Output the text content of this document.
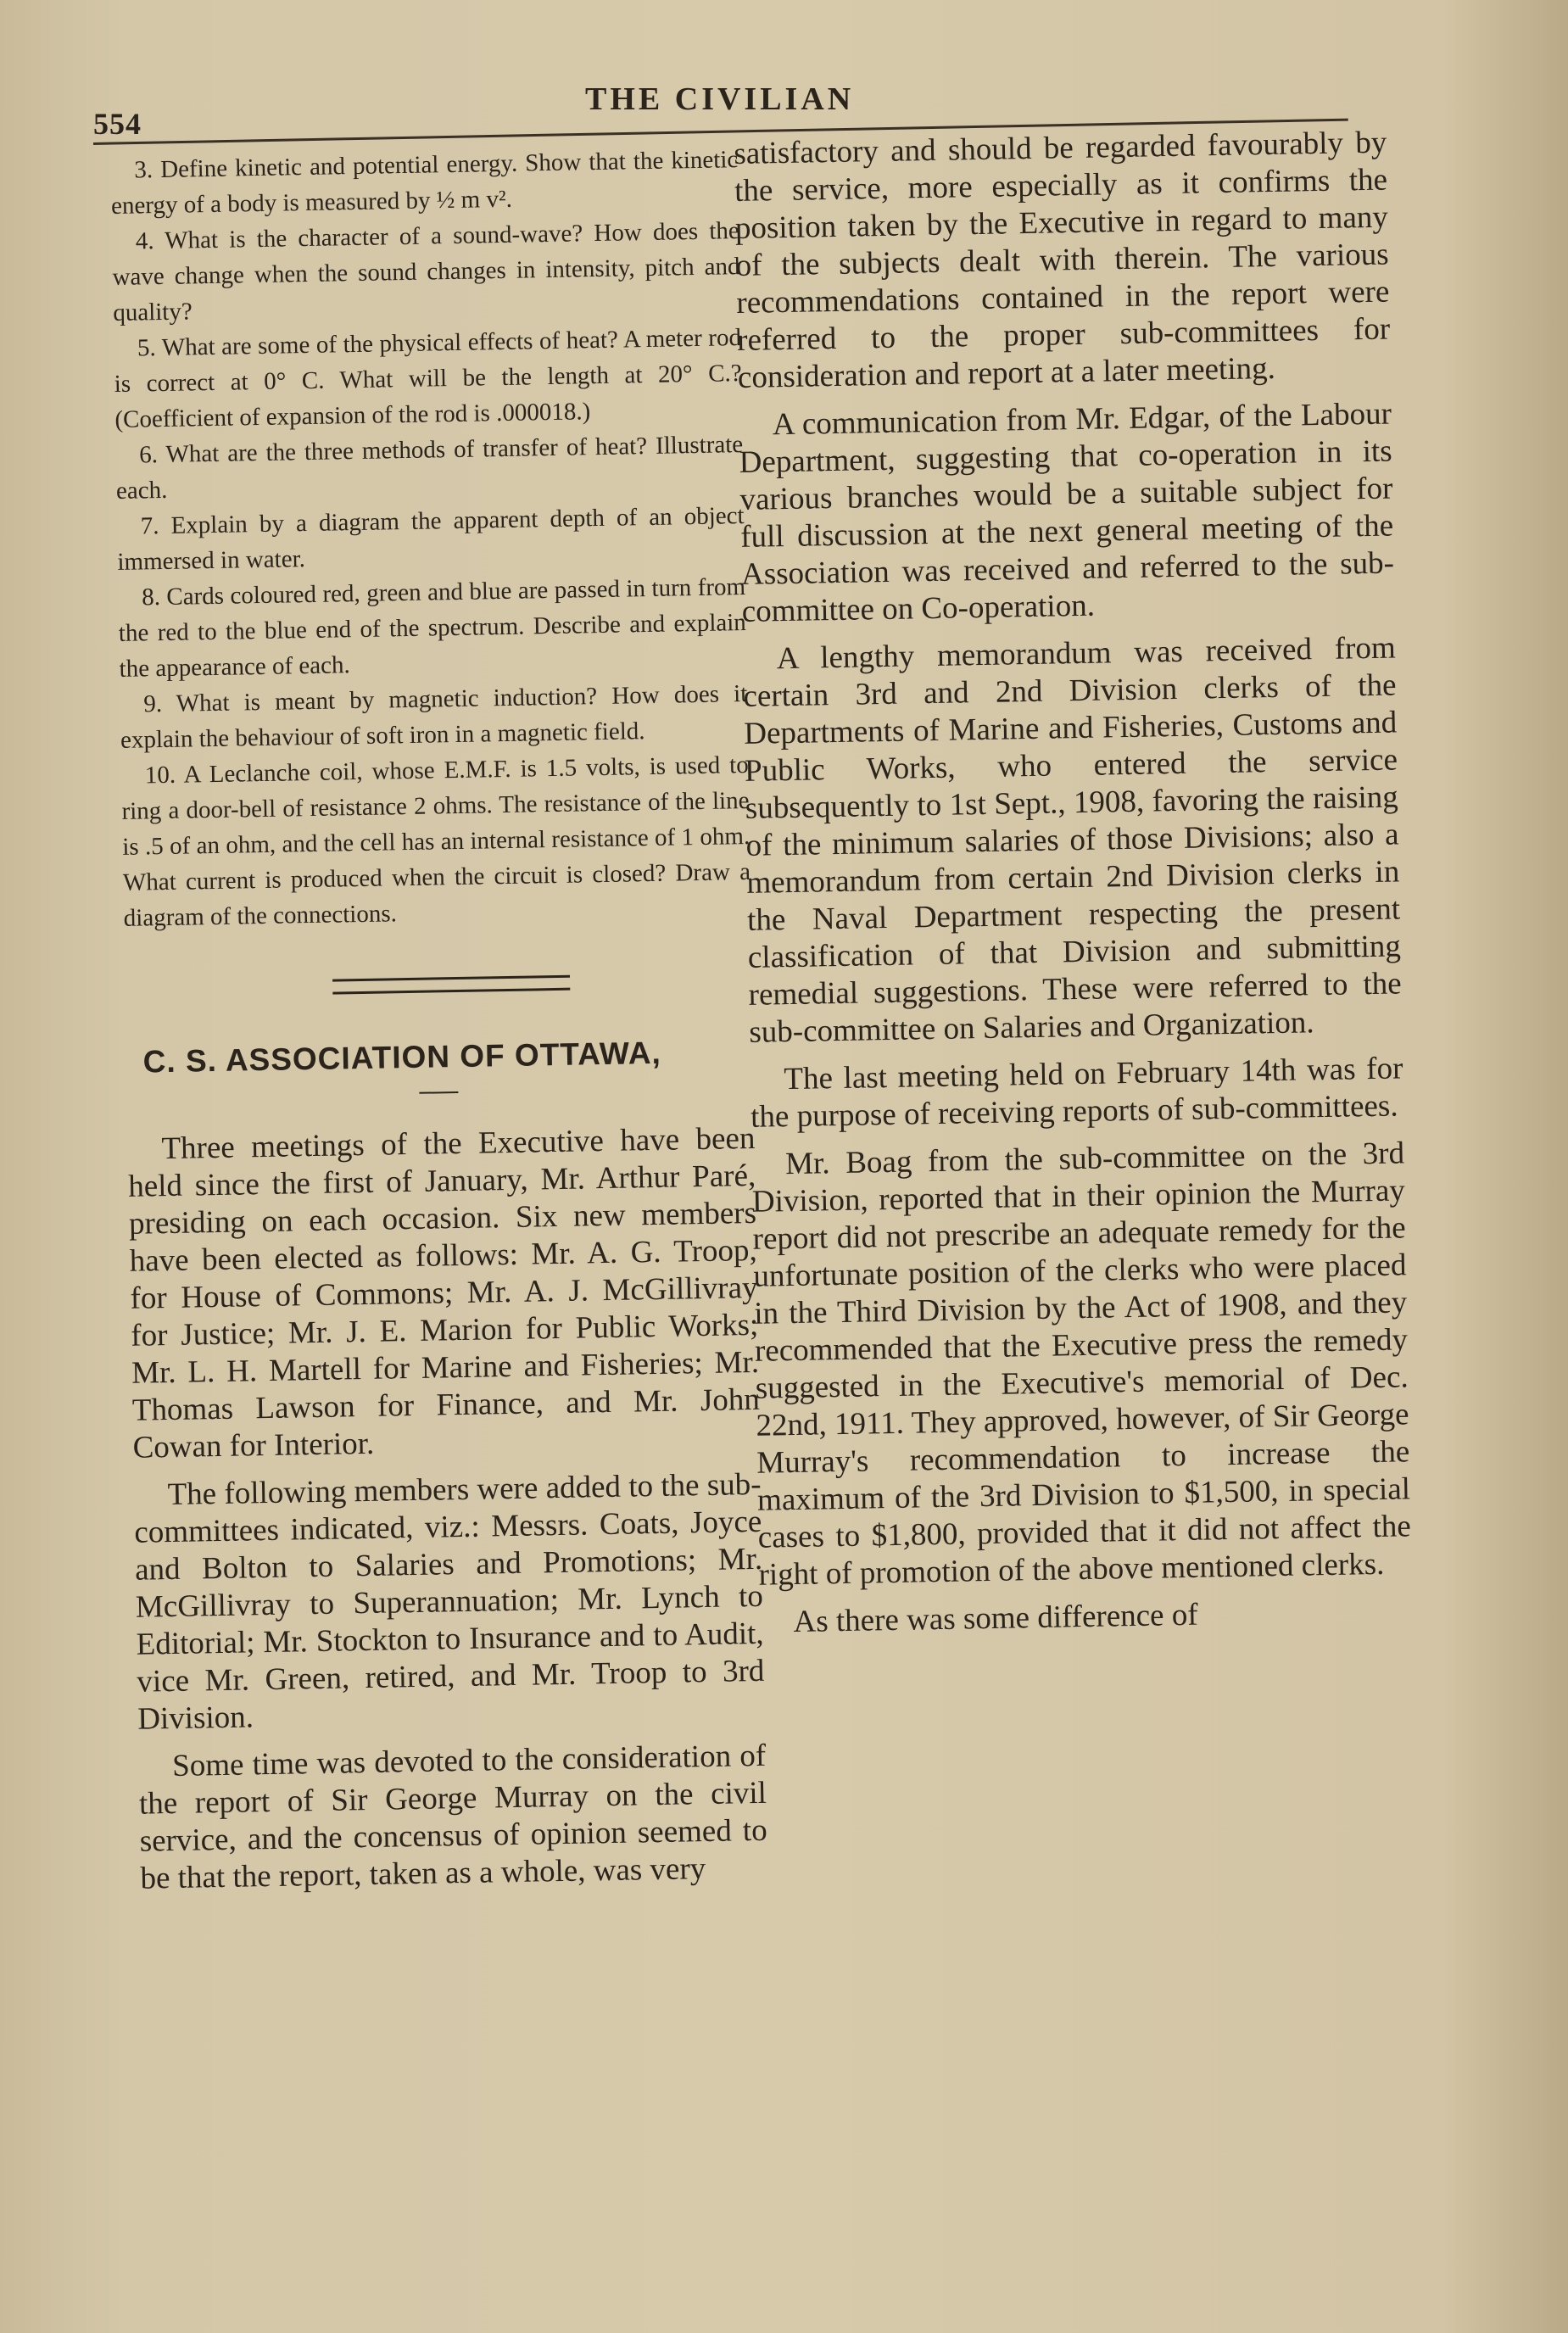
554
THE CIVILIAN

3. Define kinetic and potential energy. Show that the kinetic energy of a body is measured by ½ m v².

4. What is the character of a sound-wave? How does the wave change when the sound changes in intensity, pitch and quality?

5. What are some of the physical effects of heat? A meter rod is correct at 0° C. What will be the length at 20° C.? (Coefficient of expansion of the rod is .000018.)

6. What are the three methods of transfer of heat? Illustrate each.

7. Explain by a diagram the apparent depth of an object immersed in water.

8. Cards coloured red, green and blue are passed in turn from the red to the blue end of the spectrum. Describe and explain the appearance of each.

9. What is meant by magnetic induction? How does it explain the behaviour of soft iron in a magnetic field.

10. A Leclanche coil, whose E.M.F. is 1.5 volts, is used to ring a door-bell of resistance 2 ohms. The resistance of the line is .5 of an ohm, and the cell has an internal resistance of 1 ohm. What current is produced when the circuit is closed? Draw a diagram of the connections.

C. S. ASSOCIATION OF OTTAWA,

Three meetings of the Executive have been held since the first of January, Mr. Arthur Paré, presiding on each occasion. Six new members have been elected as follows: Mr. A. G. Troop, for House of Commons; Mr. A. J. McGillivray for Justice; Mr. J. E. Marion for Public Works; Mr. L. H. Martell for Marine and Fisheries; Mr. Thomas Lawson for Finance, and Mr. John Cowan for Interior.

The following members were added to the sub-committees indicated, viz.: Messrs. Coats, Joyce and Bolton to Salaries and Promotions; Mr. McGillivray to Superannuation; Mr. Lynch to Editorial; Mr. Stockton to Insurance and to Audit, vice Mr. Green, retired, and Mr. Troop to 3rd Division.

Some time was devoted to the consideration of the report of Sir George Murray on the civil service, and the concensus of opinion seemed to be that the report, taken as a whole, was very

satisfactory and should be regarded favourably by the service, more especially as it confirms the position taken by the Executive in regard to many of the subjects dealt with therein. The various recommendations contained in the report were referred to the proper sub-committees for consideration and report at a later meeting.

A communication from Mr. Edgar, of the Labour Department, suggesting that co-operation in its various branches would be a suitable subject for full discussion at the next general meeting of the Association was received and referred to the sub-committee on Co-operation.

A lengthy memorandum was received from certain 3rd and 2nd Division clerks of the Departments of Marine and Fisheries, Customs and Public Works, who entered the service subsequently to 1st Sept., 1908, favoring the raising of the minimum salaries of those Divisions; also a memorandum from certain 2nd Division clerks in the Naval Department respecting the present classification of that Division and submitting remedial suggestions. These were referred to the sub-committee on Salaries and Organization.

The last meeting held on February 14th was for the purpose of receiving reports of sub-committees.

Mr. Boag from the sub-committee on the 3rd Division, reported that in their opinion the Murray report did not prescribe an adequate remedy for the unfortunate position of the clerks who were placed in the Third Division by the Act of 1908, and they recommended that the Executive press the remedy suggested in the Executive's memorial of Dec. 22nd, 1911. They approved, however, of Sir George Murray's recommendation to increase the maximum of the 3rd Division to $1,500, in special cases to $1,800, provided that it did not affect the right of promotion of the above mentioned clerks.

As there was some difference of
